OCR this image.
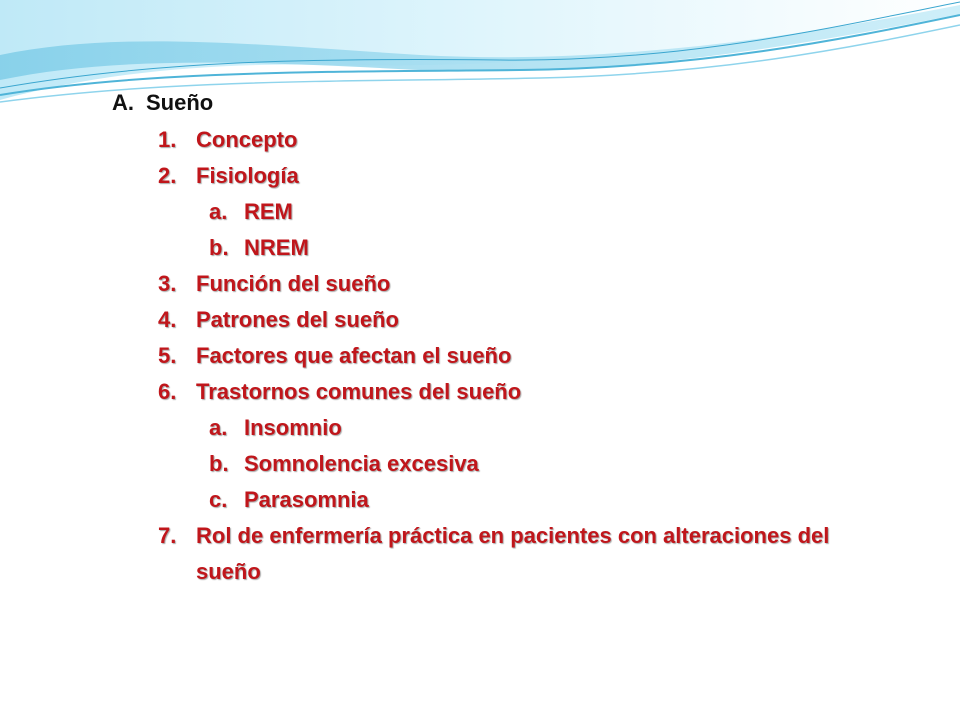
A. Sueño
1. Concepto
2. Fisiología
a. REM
b. NREM
3. Función del sueño
4. Patrones del sueño
5. Factores que afectan el sueño
6. Trastornos comunes del sueño
a. Insomnio
b. Somnolencia excesiva
c. Parasomnia
7. Rol de enfermería práctica en pacientes con alteraciones del
sueño
